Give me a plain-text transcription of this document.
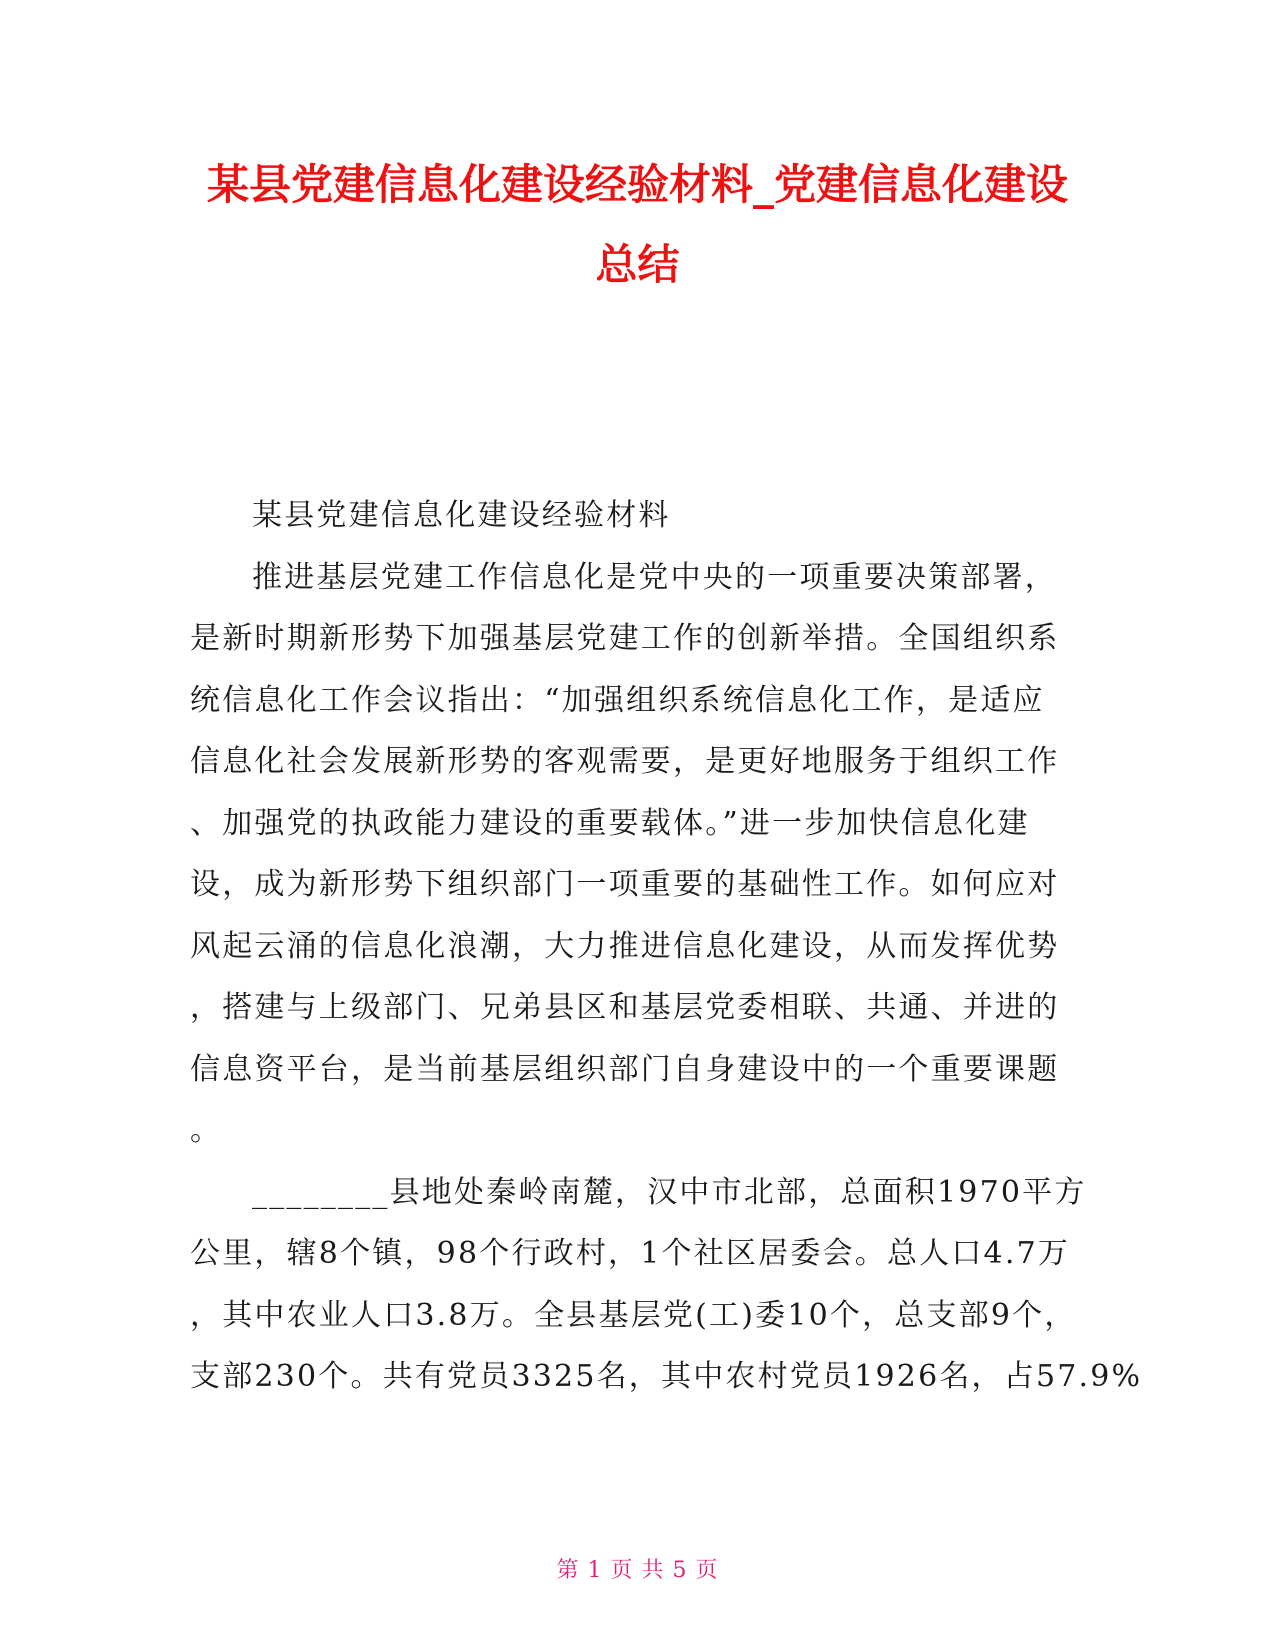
某县党建信息化建设经验材料_党建信息化建设
总结
某县党建信息化建设经验材料
推进基层党建工作信息化是党中央的一项重要决策部署，
是新时期新形势下加强基层党建工作的创新举措。全国组织系
统信息化工作会议指出：“加强组织系统信息化工作，是适应
信息化社会发展新形势的客观需要，是更好地服务于组织工作
、加强党的执政能力建设的重要载体。”进一步加快信息化建
设，成为新形势下组织部门一项重要的基础性工作。如何应对
风起云涌的信息化浪潮，大力推进信息化建设，从而发挥优势
，搭建与上级部门、兄弟县区和基层党委相联、共通、并进的
信息资平台，是当前基层组织部门自身建设中的一个重要课题
。
________县地处秦岭南麓，汉中市北部，总面积1970平方
公里，辖8个镇，98个行政村，1个社区居委会。总人口4.7万
，其中农业人口3.8万。全县基层党(工)委10个，总支部9个，
支部230个。共有党员3325名，其中农村党员1926名，占57.9%
第 1 页 共 5 页
